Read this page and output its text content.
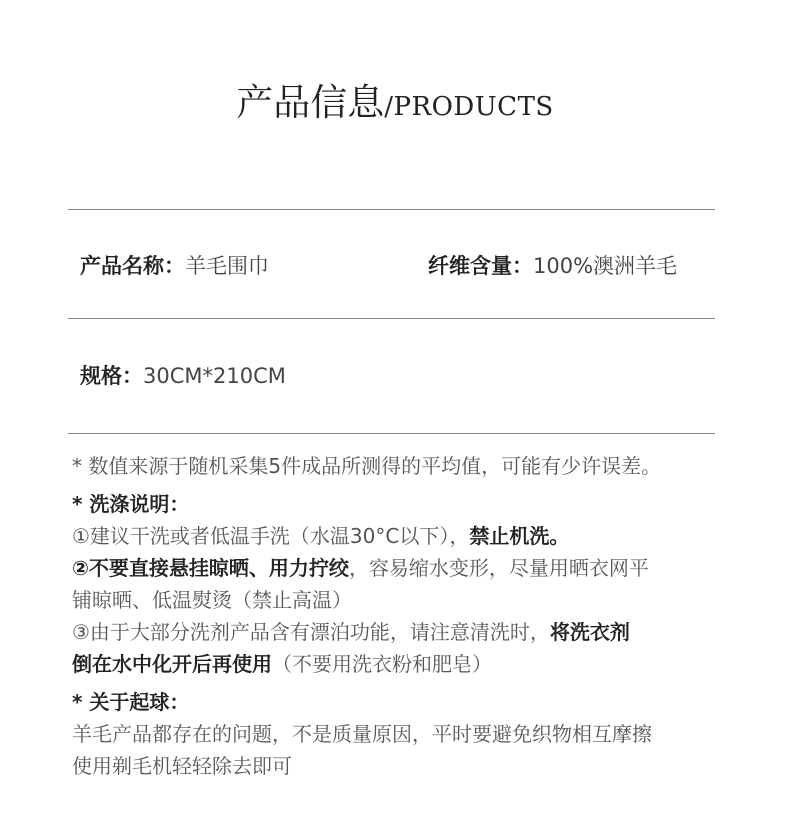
产品信息/PRODUCTS
产品名称：羊毛围巾	纤维含量：100%澳洲羊毛
规格：30CM*210CM

* 数值来源于随机采集5件成品所测得的平均值，可能有少许误差。

* 洗涤说明：

①建议干洗或者低温手洗（水温30°C以下），禁止机洗。

②不要直接悬挂晾晒、用力拧绞，容易缩水变形，尽量用晒衣网平

铺晾晒、低温熨烫（禁止高温）

③由于大部分洗剂产品含有漂泊功能，请注意清洗时，将洗衣剂

倒在水中化开后再使用（不要用洗衣粉和肥皂）

* 关于起球：

羊毛产品都存在的问题，不是质量原因，平时要避免织物相互摩擦

使用剃毛机轻轻除去即可
